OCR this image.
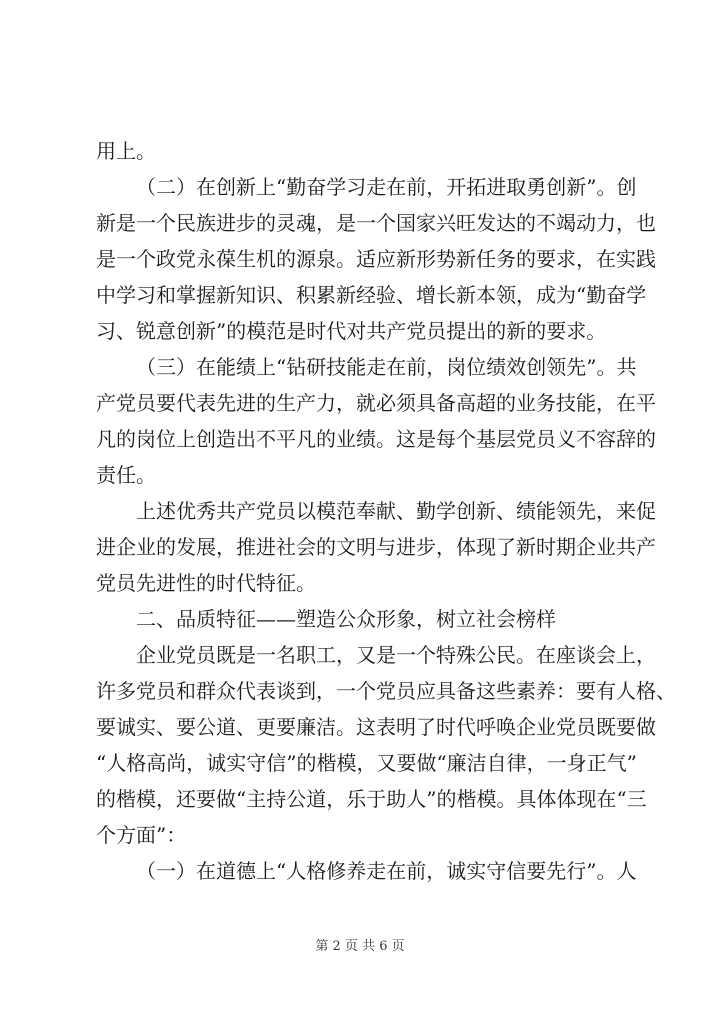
用上。
（二）在创新上“勤奋学习走在前，开拓进取勇创新”。创
新是一个民族进步的灵魂，是一个国家兴旺发达的不竭动力，也
是一个政党永葆生机的源泉。适应新形势新任务的要求，在实践
中学习和掌握新知识、积累新经验、增长新本领，成为“勤奋学
习、锐意创新”的模范是时代对共产党员提出的新的要求。
（三）在能绩上“钻研技能走在前，岗位绩效创领先”。共
产党员要代表先进的生产力，就必须具备高超的业务技能，在平
凡的岗位上创造出不平凡的业绩。这是每个基层党员义不容辞的
责任。
上述优秀共产党员以模范奉献、勤学创新、绩能领先，来促
进企业的发展，推进社会的文明与进步，体现了新时期企业共产
党员先进性的时代特征。
二、品质特征——塑造公众形象，树立社会榜样
企业党员既是一名职工，又是一个特殊公民。在座谈会上，
许多党员和群众代表谈到，一个党员应具备这些素养：要有人格、
要诚实、要公道、更要廉洁。这表明了时代呼唤企业党员既要做
“人格高尚，诚实守信”的楷模，又要做“廉洁自律，一身正气”
的楷模，还要做“主持公道，乐于助人”的楷模。具体体现在“三
个方面”：
（一）在道德上“人格修养走在前，诚实守信要先行”。人
第 2 页 共 6 页
